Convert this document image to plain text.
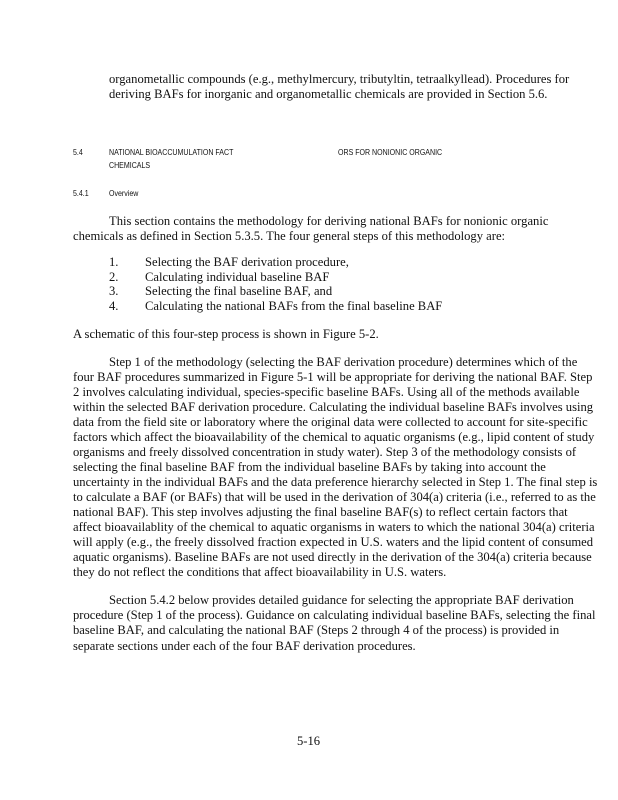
organometallic compounds (e.g., methylmercury, tributyltin, tetraalkyllead). Procedures for deriving BAFs for inorganic and organometallic chemicals are provided in Section 5.6.

5.4	NATIONAL BIOACCUMULATION FACT	ORS FOR NONIONIC ORGANIC
CHEMICALS
5.4.1 Overview

This section contains the methodology for deriving national BAFs for nonionic organic chemicals as defined in Section 5.3.5. The four general steps of this methodology are:

1. Selecting the BAF derivation procedure,
2. Calculating individual baseline BAF
3. Selecting the final baseline BAF, and
4. Calculating the national BAFs from the final baseline BAF

A schematic of this four-step process is shown in Figure 5-2.

Step 1 of the methodology (selecting the BAF derivation procedure) determines which of the four BAF procedures summarized in Figure 5-1 will be appropriate for deriving the national BAF. Step 2 involves calculating individual, species-specific baseline BAFs. Using all of the methods available within the selected BAF derivation procedure. Calculating the individual baseline BAFs involves using data from the field site or laboratory where the original data were collected to account for site-specific factors which affect the bioavailability of the chemical to aquatic organisms (e.g., lipid content of study organisms and freely dissolved concentration in study water). Step 3 of the methodology consists of selecting the final baseline BAF from the individual baseline BAFs by taking into account the uncertainty in the individual BAFs and the data preference hierarchy selected in Step 1. The final step is to calculate a BAF (or BAFs) that will be used in the derivation of 304(a) criteria (i.e., referred to as the national BAF). This step involves adjusting the final baseline BAF(s) to reflect certain factors that affect bioavailablity of the chemical to aquatic organisms in waters to which the national 304(a) criteria will apply (e.g., the freely dissolved fraction expected in U.S. waters and the lipid content of consumed aquatic organisms). Baseline BAFs are not used directly in the derivation of the 304(a) criteria because they do not reflect the conditions that affect bioavailability in U.S. waters.

Section 5.4.2 below provides detailed guidance for selecting the appropriate BAF derivation procedure (Step 1 of the process). Guidance on calculating individual baseline BAFs, selecting the final baseline BAF, and calculating the national BAF (Steps 2 through 4 of the process) is provided in separate sections under each of the four BAF derivation procedures.

5-16
